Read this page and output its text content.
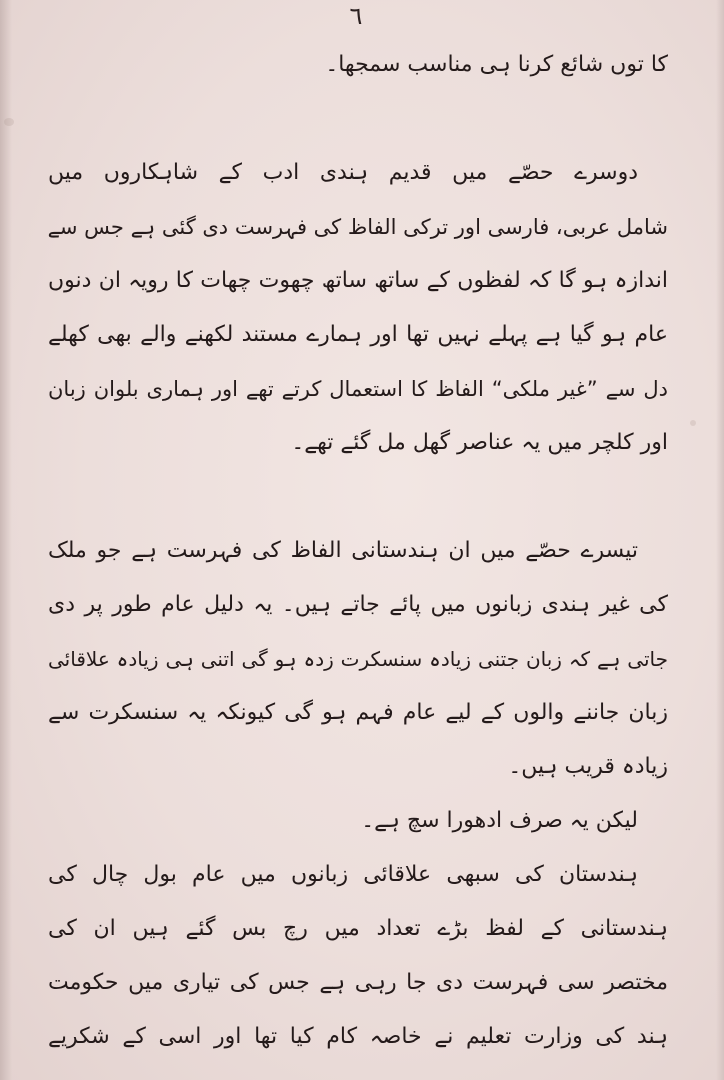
٦
کا توں شائع کرنا ہی مناسب سمجھا۔
دوسرے حصّے میں قدیم ہندی ادب کے شاہکاروں میں
شامل عربی، فارسی اور ترکی الفاظ کی فہرست دی گئی ہے جس سے
اندازہ ہو گا کہ لفظوں کے ساتھ ساتھ چھوت چھات کا رویہ ان دنوں
عام ہو گیا ہے پہلے نہیں تھا اور ہمارے مستند لکھنے والے بھی کھلے
دل سے ”غیر ملکی“ الفاظ کا استعمال کرتے تھے اور ہماری بلوان زبان
اور کلچر میں یہ عناصر گھل مل گئے تھے۔
تیسرے حصّے میں ان ہندستانی الفاظ کی فہرست ہے جو ملک
کی غیر ہندی زبانوں میں پائے جاتے ہیں۔ یہ دلیل عام طور پر دی
جاتی ہے کہ زبان جتنی زیادہ سنسکرت زدہ ہو گی اتنی ہی زیادہ علاقائی
زبان جاننے والوں کے لیے عام فہم ہو گی کیونکہ یہ سنسکرت سے
زیادہ قریب ہیں۔
لیکن یہ صرف ادھورا سچ ہے۔
ہندستان کی سبھی علاقائی زبانوں میں عام بول چال کی
ہندستانی کے لفظ بڑے تعداد میں رچ بس گئے ہیں ان کی
مختصر سی فہرست دی جا رہی ہے جس کی تیاری میں حکومت
ہند کی وزارت تعلیم نے خاصہ کام کیا تھا اور اسی کے شکریے
